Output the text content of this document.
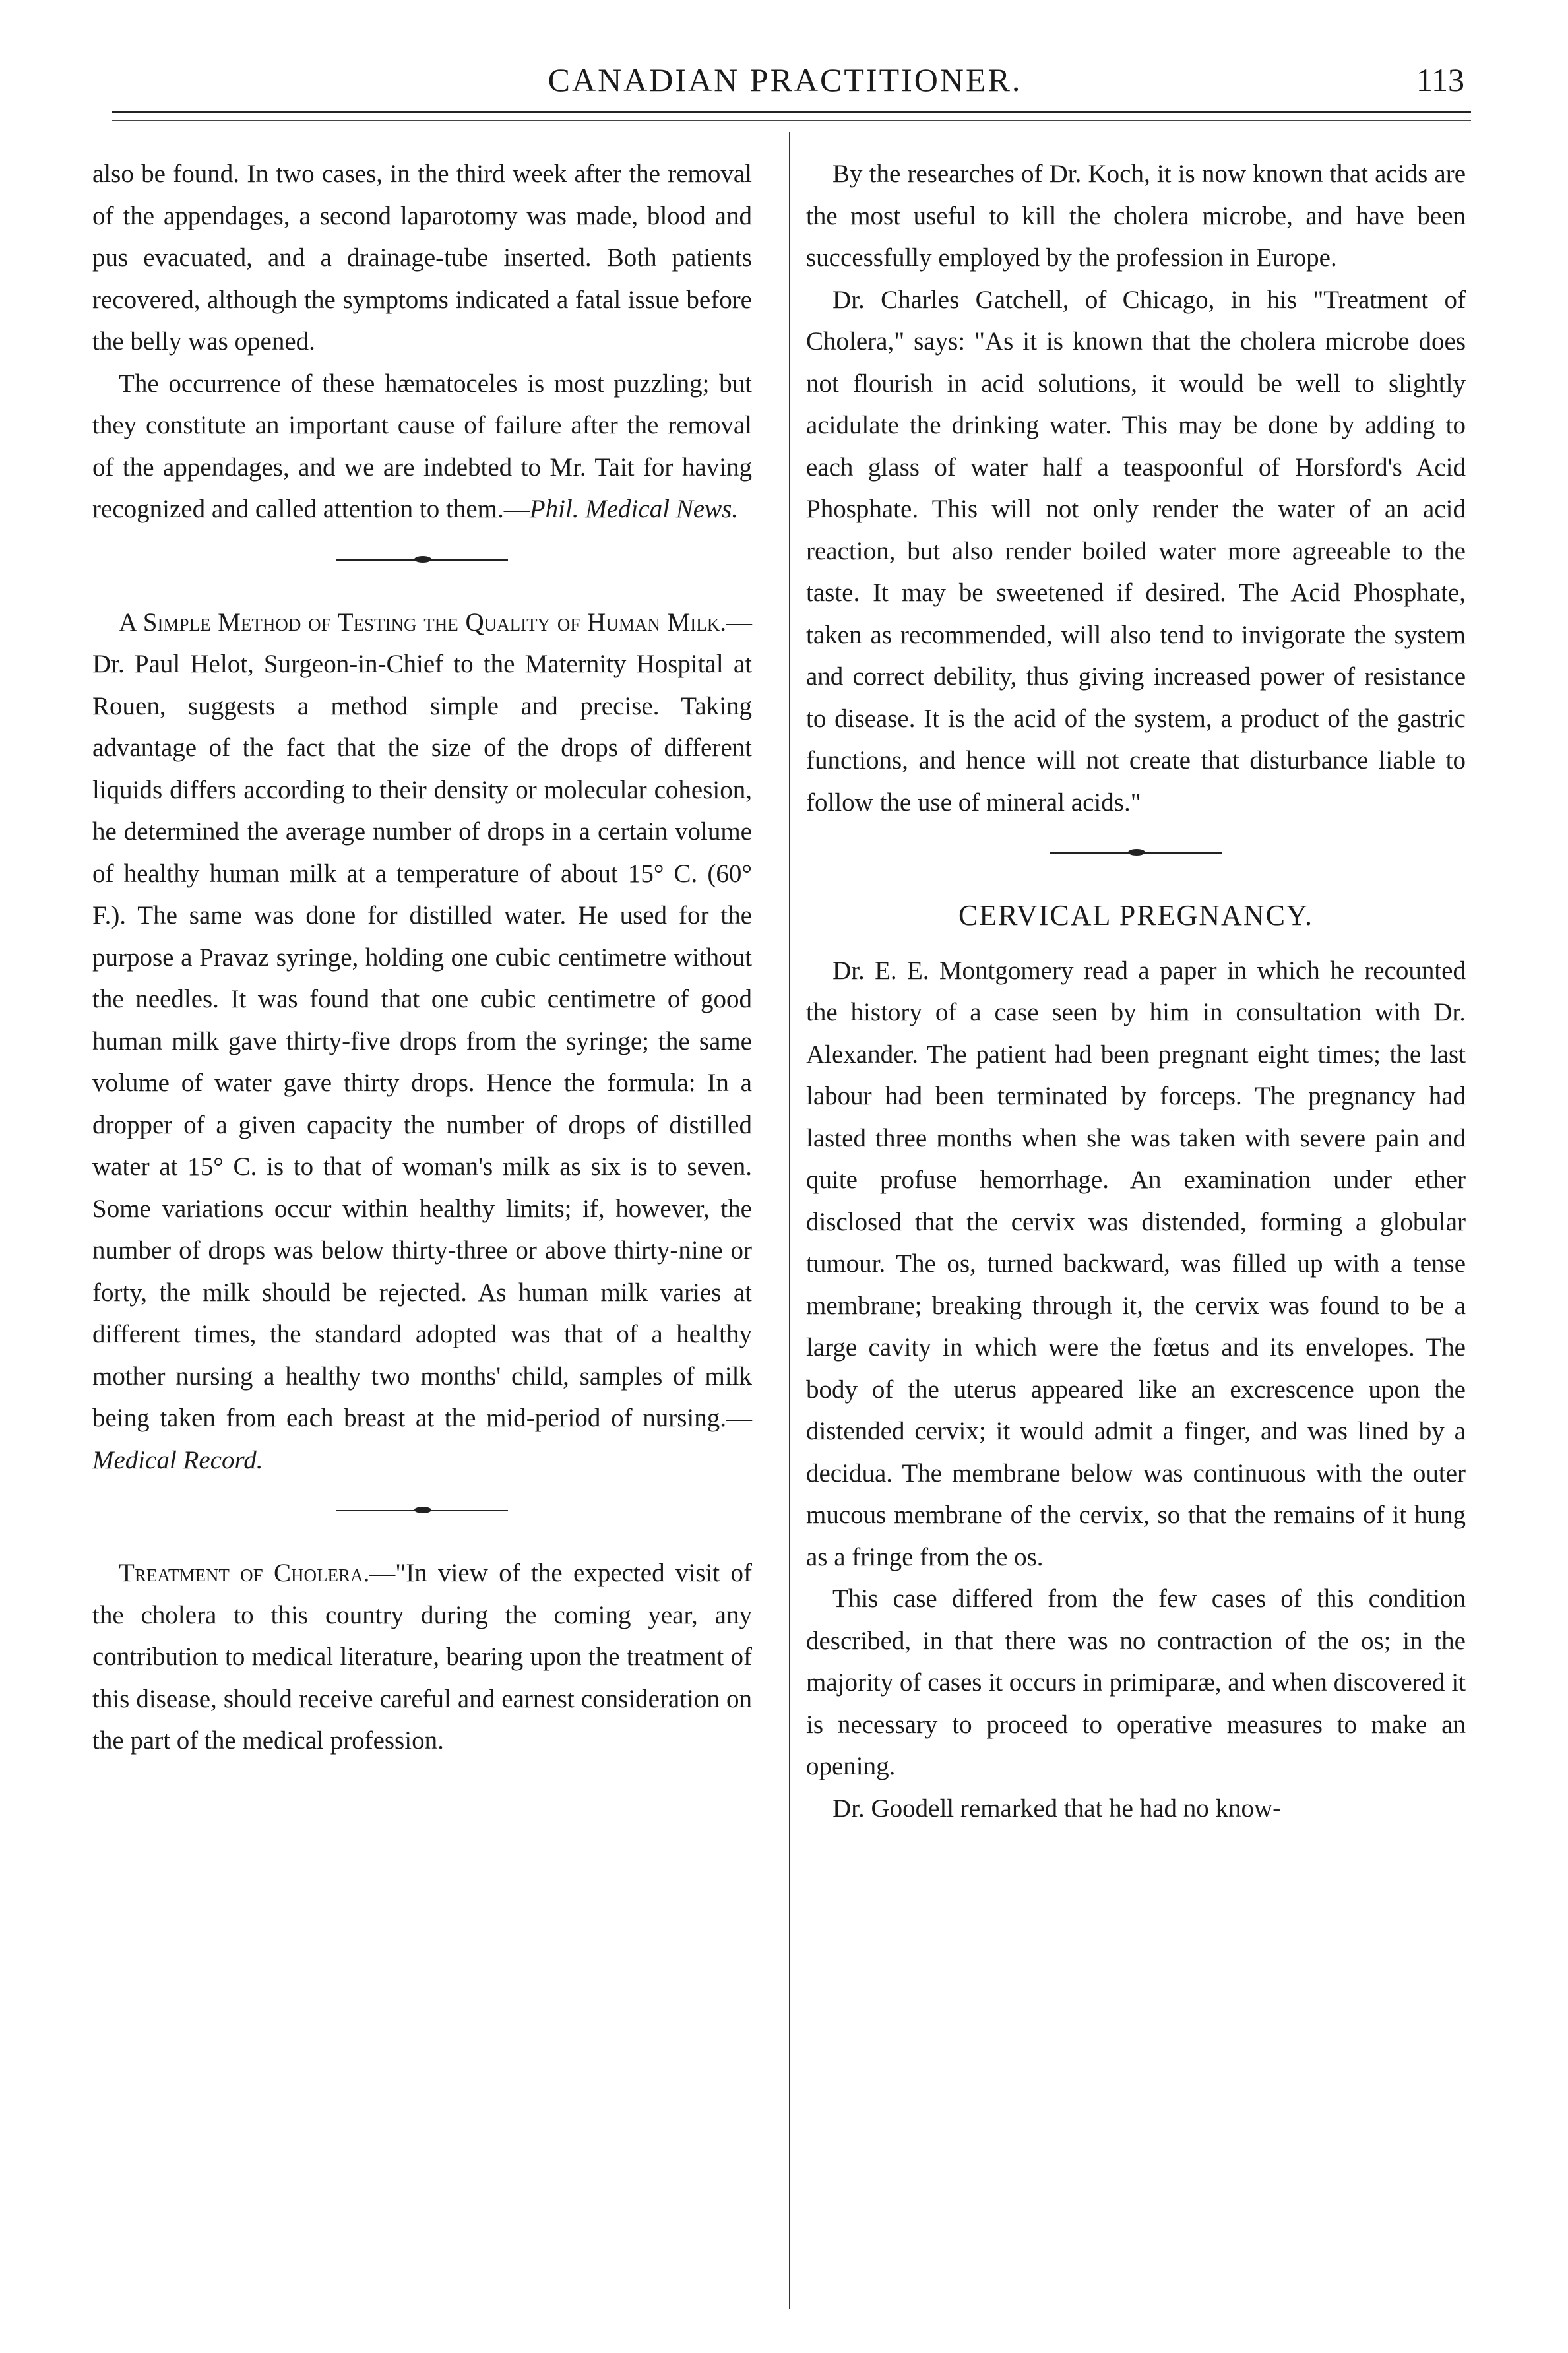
CANADIAN PRACTITIONER.	113

also be found. In two cases, in the third week after the removal of the appendages, a second laparotomy was made, blood and pus evacuated, and a drainage-tube inserted. Both patients recovered, although the symptoms indicated a fatal issue before the belly was opened.

The occurrence of these hæmatoceles is most puzzling; but they constitute an important cause of failure after the removal of the appendages, and we are indebted to Mr. Tait for having recognized and called attention to them.—Phil. Medical News.

A Simple Method of Testing the Quality of Human Milk.—Dr. Paul Helot, Surgeon-in-Chief to the Maternity Hospital at Rouen, suggests a method simple and precise. Taking advantage of the fact that the size of the drops of different liquids differs according to their density or molecular cohesion, he determined the average number of drops in a certain volume of healthy human milk at a temperature of about 15° C. (60° F.). The same was done for distilled water. He used for the purpose a Pravaz syringe, holding one cubic centimetre without the needles. It was found that one cubic centimetre of good human milk gave thirty-five drops from the syringe; the same volume of water gave thirty drops. Hence the formula: In a dropper of a given capacity the number of drops of distilled water at 15° C. is to that of woman's milk as six is to seven. Some variations occur within healthy limits; if, however, the number of drops was below thirty-three or above thirty-nine or forty, the milk should be rejected. As human milk varies at different times, the standard adopted was that of a healthy mother nursing a healthy two months' child, samples of milk being taken from each breast at the mid-period of nursing.—Medical Record.

Treatment of Cholera.—"In view of the expected visit of the cholera to this country during the coming year, any contribution to medical literature, bearing upon the treatment of this disease, should receive careful and earnest consideration on the part of the medical profession.

By the researches of Dr. Koch, it is now known that acids are the most useful to kill the cholera microbe, and have been successfully employed by the profession in Europe.

Dr. Charles Gatchell, of Chicago, in his "Treatment of Cholera," says: "As it is known that the cholera microbe does not flourish in acid solutions, it would be well to slightly acidulate the drinking water. This may be done by adding to each glass of water half a teaspoonful of Horsford's Acid Phosphate. This will not only render the water of an acid reaction, but also render boiled water more agreeable to the taste. It may be sweetened if desired. The Acid Phosphate, taken as recommended, will also tend to invigorate the system and correct debility, thus giving increased power of resistance to disease. It is the acid of the system, a product of the gastric functions, and hence will not create that disturbance liable to follow the use of mineral acids."

CERVICAL PREGNANCY.

Dr. E. E. Montgomery read a paper in which he recounted the history of a case seen by him in consultation with Dr. Alexander. The patient had been pregnant eight times; the last labour had been terminated by forceps. The pregnancy had lasted three months when she was taken with severe pain and quite profuse hemorrhage. An examination under ether disclosed that the cervix was distended, forming a globular tumour. The os, turned backward, was filled up with a tense membrane; breaking through it, the cervix was found to be a large cavity in which were the fœtus and its envelopes. The body of the uterus appeared like an excrescence upon the distended cervix; it would admit a finger, and was lined by a decidua. The membrane below was continuous with the outer mucous membrane of the cervix, so that the remains of it hung as a fringe from the os.

This case differed from the few cases of this condition described, in that there was no contraction of the os; in the majority of cases it occurs in primiparæ, and when discovered it is necessary to proceed to operative measures to make an opening.

Dr. Goodell remarked that he had no know-
